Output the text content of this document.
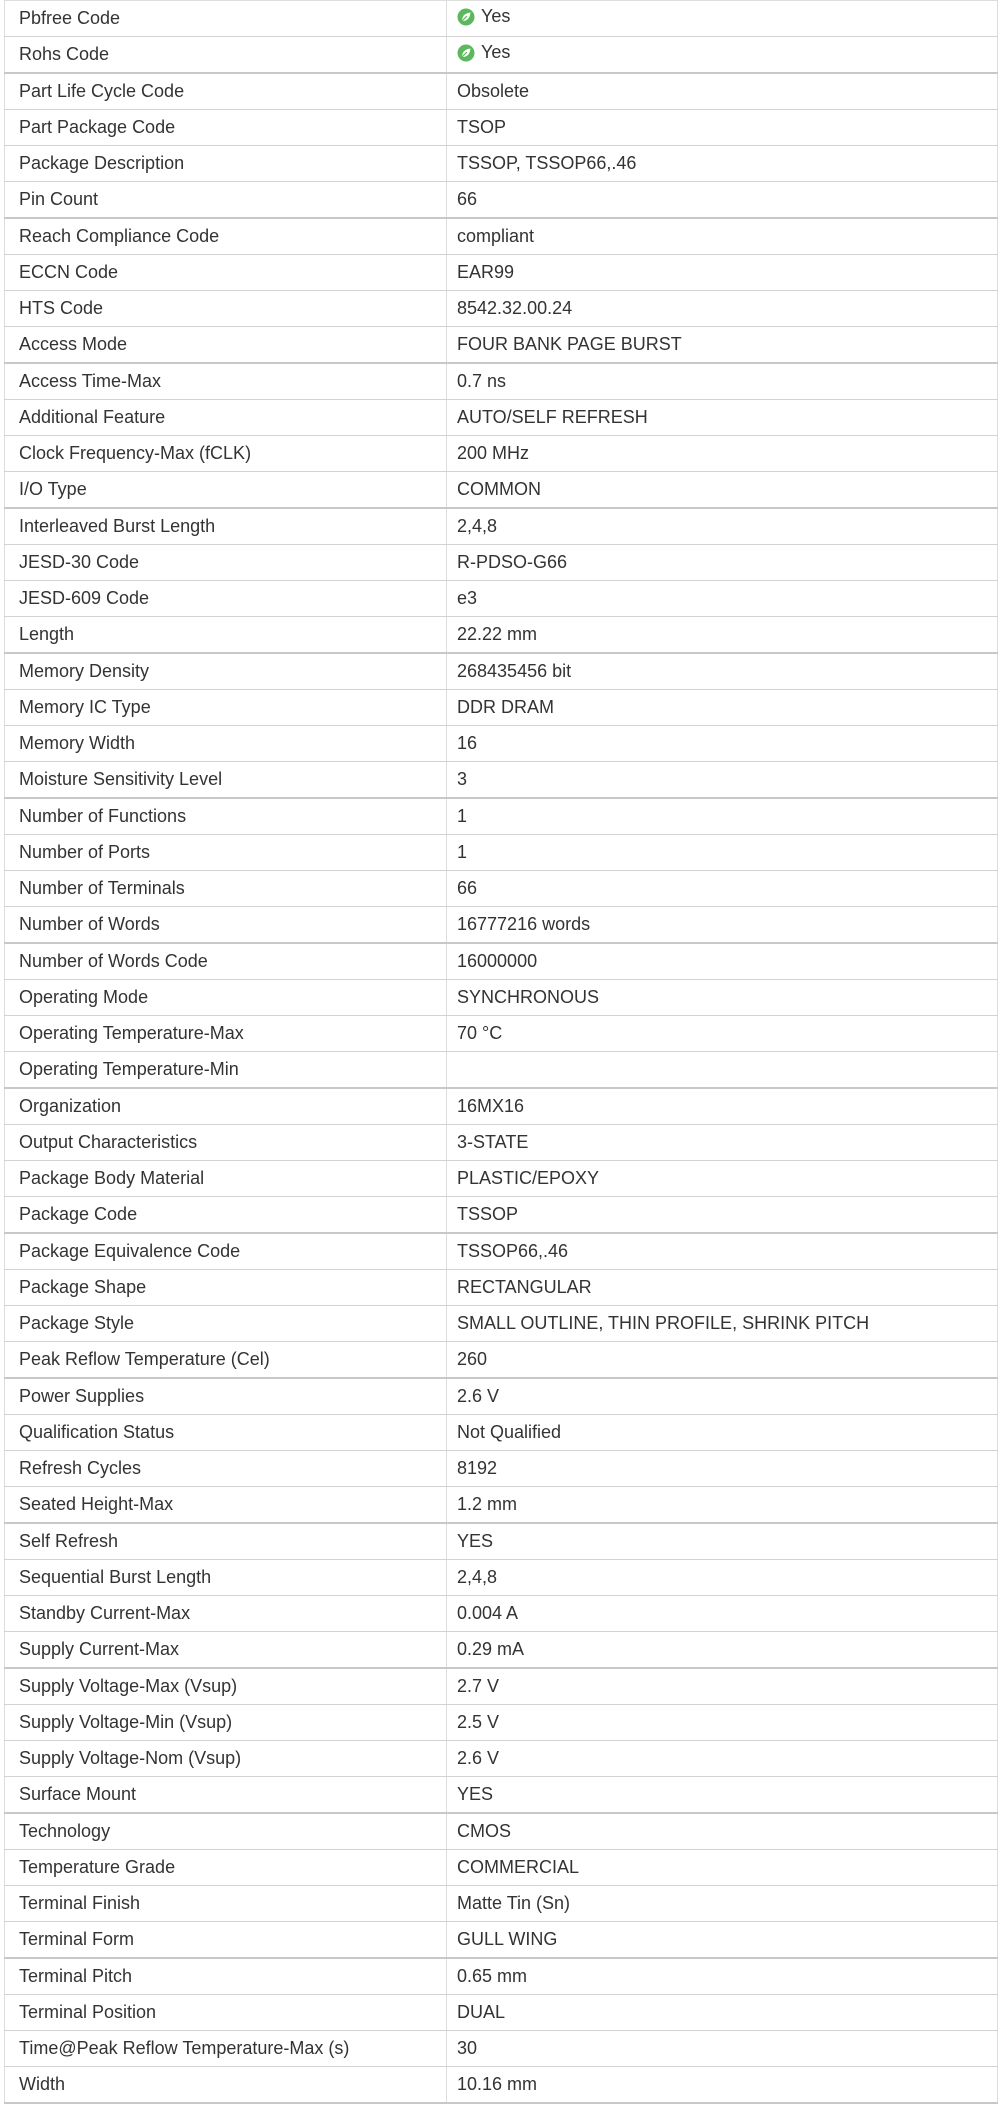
Pbfree Code	Yes

Rohs Code	Yes

Part Life Cycle Code	Obsolete
Part Package Code	TSOP
Package Description	TSSOP, TSSOP66,.46
Pin Count	66
Reach Compliance Code	compliant
ECCN Code	EAR99
HTS Code	8542.32.00.24
Access Mode	FOUR BANK PAGE BURST
Access Time-Max	0.7 ns
Additional Feature	AUTO/SELF REFRESH
Clock Frequency-Max (fCLK)	200 MHz
I/O Type	COMMON
Interleaved Burst Length	2,4,8
JESD-30 Code	R-PDSO-G66
JESD-609 Code	e3
Length	22.22 mm
Memory Density	268435456 bit
Memory IC Type	DDR DRAM
Memory Width	16
Moisture Sensitivity Level	3
Number of Functions	1
Number of Ports	1
Number of Terminals	66
Number of Words	16777216 words
Number of Words Code	16000000
Operating Mode	SYNCHRONOUS
Operating Temperature-Max	70 °C
Operating Temperature-Min	
Organization	16MX16
Output Characteristics	3-STATE
Package Body Material	PLASTIC/EPOXY
Package Code	TSSOP
Package Equivalence Code	TSSOP66,.46
Package Shape	RECTANGULAR
Package Style	SMALL OUTLINE, THIN PROFILE, SHRINK PITCH
Peak Reflow Temperature (Cel)	260
Power Supplies	2.6 V
Qualification Status	Not Qualified
Refresh Cycles	8192
Seated Height-Max	1.2 mm
Self Refresh	YES
Sequential Burst Length	2,4,8
Standby Current-Max	0.004 A
Supply Current-Max	0.29 mA
Supply Voltage-Max (Vsup)	2.7 V
Supply Voltage-Min (Vsup)	2.5 V
Supply Voltage-Nom (Vsup)	2.6 V
Surface Mount	YES
Technology	CMOS
Temperature Grade	COMMERCIAL
Terminal Finish	Matte Tin (Sn)
Terminal Form	GULL WING
Terminal Pitch	0.65 mm
Terminal Position	DUAL
Time@Peak Reflow Temperature-Max (s)	30
Width	10.16 mm
